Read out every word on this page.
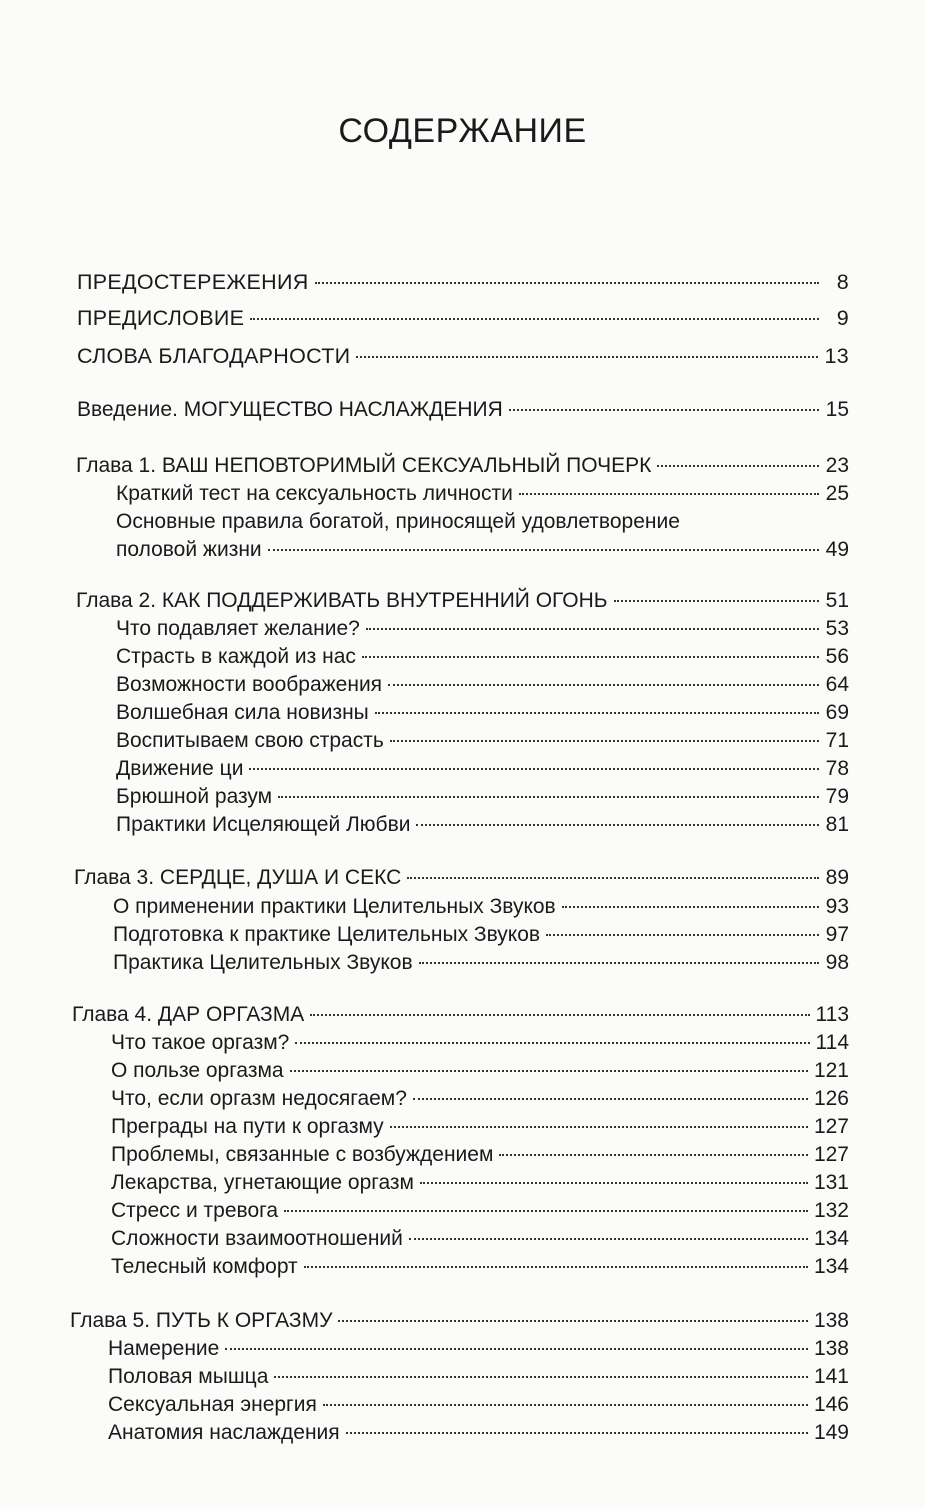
СОДЕРЖАНИЕ
ПРЕДОСТЕРЕЖЕНИЯ	8
ПРЕДИСЛОВИЕ	9
СЛОВА БЛАГОДАРНОСТИ	13
Введение. МОГУЩЕСТВО НАСЛАЖДЕНИЯ	15
Глава 1. ВАШ НЕПОВТОРИМЫЙ СЕКСУАЛЬНЫЙ ПОЧЕРК	23
Краткий тест на сексуальность личности	25
Основные правила богатой, приносящей удовлетворение
половой жизни	49
Глава 2. КАК ПОДДЕРЖИВАТЬ ВНУТРЕННИЙ ОГОНЬ	51
Что подавляет желание?	53
Страсть в каждой из нас	56
Возможности воображения	64
Волшебная сила новизны	69
Воспитываем свою страсть	71
Движение ци	78
Брюшной разум	79
Практики Исцеляющей Любви	81
Глава 3. СЕРДЦЕ, ДУША И СЕКС	89
О применении практики Целительных Звуков	93
Подготовка к практике Целительных Звуков	97
Практика Целительных Звуков	98
Глава 4. ДАР ОРГАЗМА	113
Что такое оргазм?	114
О пользе оргазма	121
Что, если оргазм недосягаем?	126
Преграды на пути к оргазму	127
Проблемы, связанные с возбуждением	127
Лекарства, угнетающие оргазм	131
Стресс и тревога	132
Сложности взаимоотношений	134
Телесный комфорт	134
Глава 5. ПУТЬ К ОРГАЗМУ	138
Намерение	138
Половая мышца	141
Сексуальная энергия	146
Анатомия наслаждения	149
